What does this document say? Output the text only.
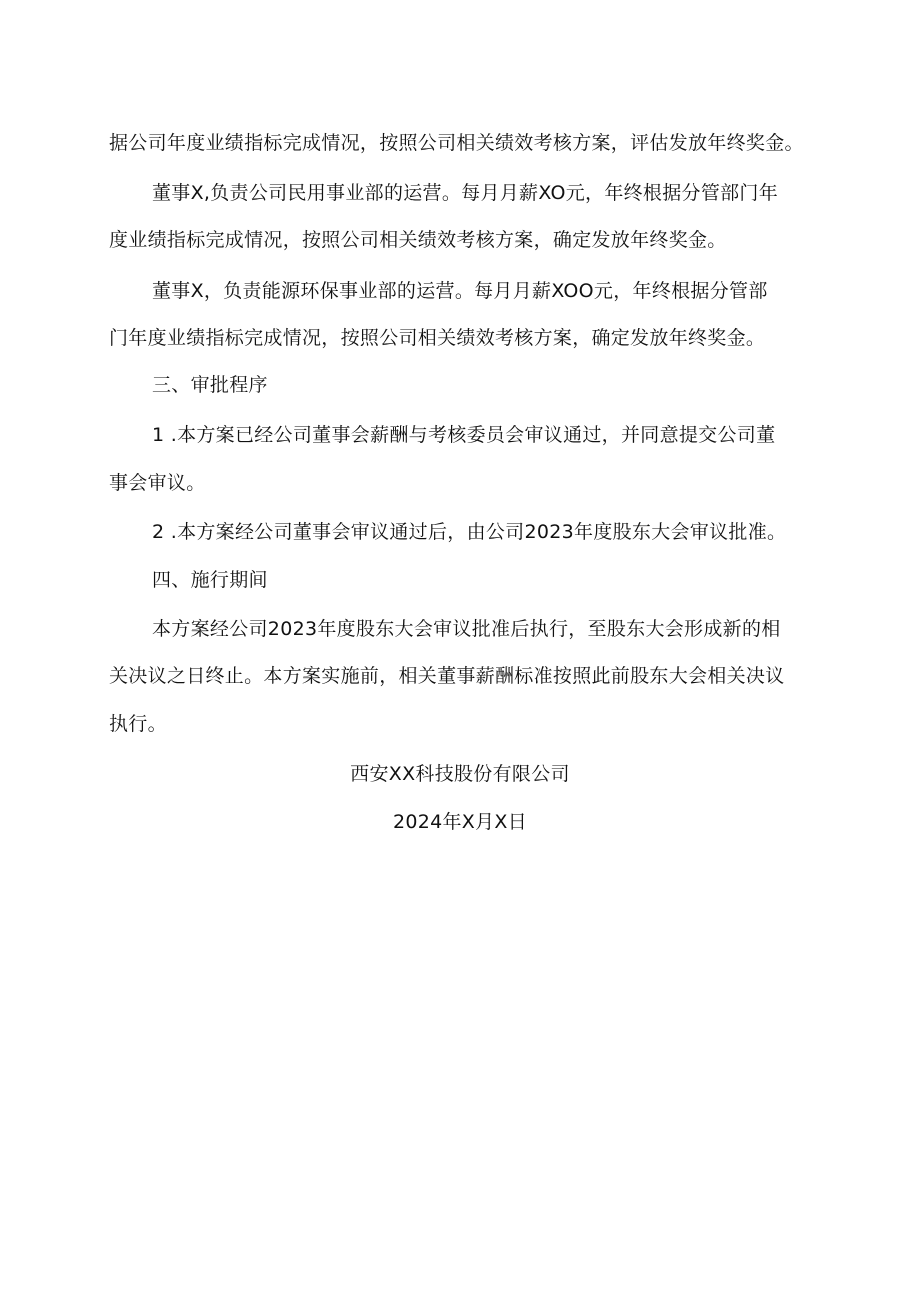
据公司年度业绩指标完成情况，按照公司相关绩效考核方案，评估发放年终奖金。
董事X,负责公司民用事业部的运营。每月月薪XO元，年终根据分管部门年
度业绩指标完成情况，按照公司相关绩效考核方案，确定发放年终奖金。
董事X，负责能源环保事业部的运营。每月月薪XOO元，年终根据分管部
门年度业绩指标完成情况，按照公司相关绩效考核方案，确定发放年终奖金。
三、审批程序
1 .本方案已经公司董事会薪酬与考核委员会审议通过，并同意提交公司董
事会审议。
2 .本方案经公司董事会审议通过后，由公司2023年度股东大会审议批准。
四、施行期间
本方案经公司2023年度股东大会审议批准后执行，至股东大会形成新的相
关决议之日终止。本方案实施前，相关董事薪酬标准按照此前股东大会相关决议
执行。
西安XX科技股份有限公司
2024年X月X日
